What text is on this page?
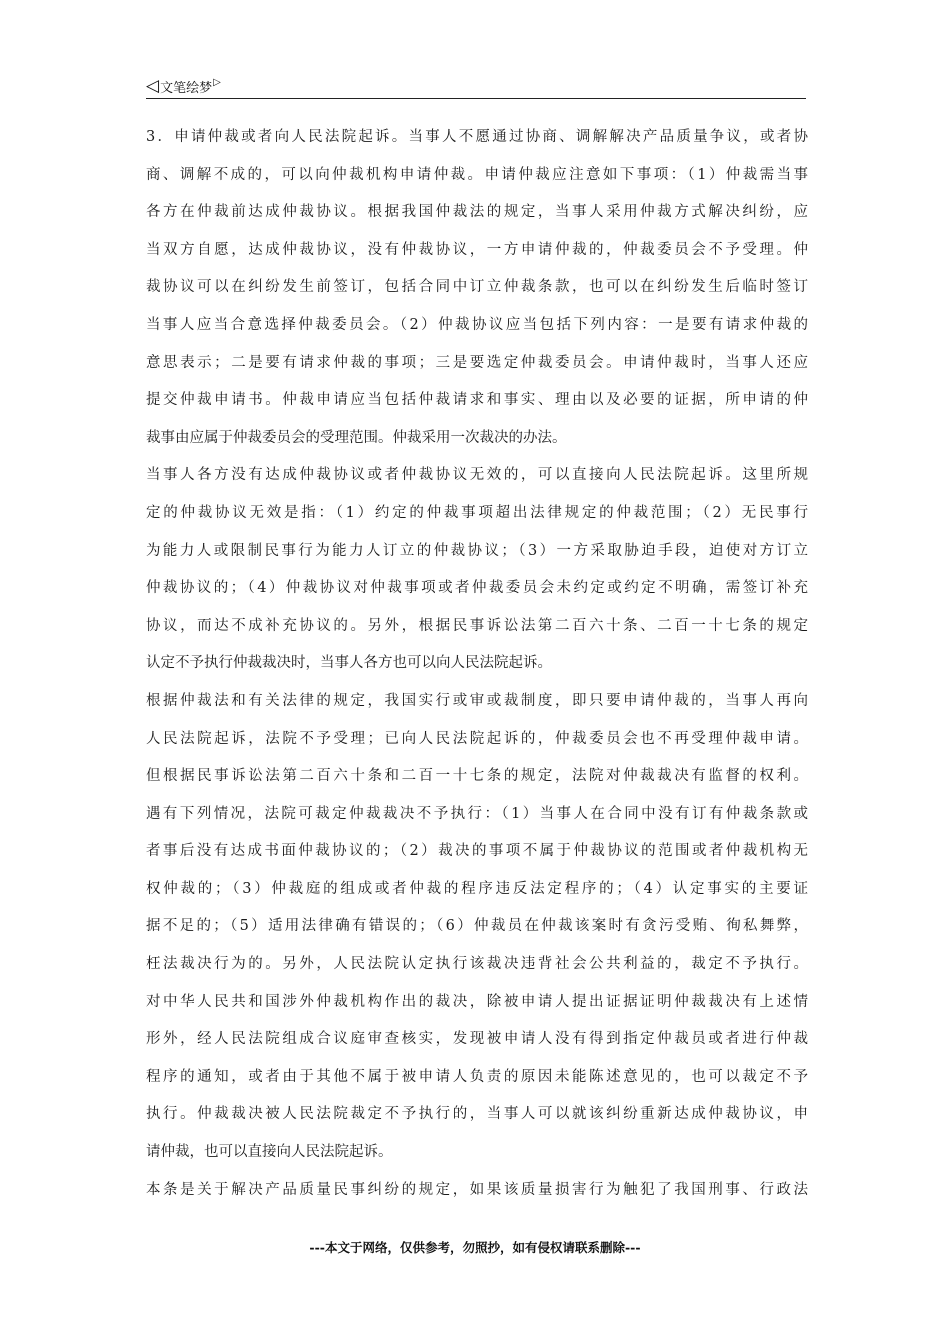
◁ 文笔绘梦 ▷
3．申请仲裁或者向人民法院起诉。当事人不愿通过协商、调解解决产品质量争议，或者协
商、调解不成的，可以向仲裁机构申请仲裁。申请仲裁应注意如下事项：（1）仲裁需当事
各方在仲裁前达成仲裁协议。根据我国仲裁法的规定，当事人采用仲裁方式解决纠纷，应
当双方自愿，达成仲裁协议，没有仲裁协议，一方申请仲裁的，仲裁委员会不予受理。仲
裁协议可以在纠纷发生前签订，包括合同中订立仲裁条款，也可以在纠纷发生后临时签订
当事人应当合意选择仲裁委员会。（2）仲裁协议应当包括下列内容：一是要有请求仲裁的
意思表示；二是要有请求仲裁的事项；三是要选定仲裁委员会。申请仲裁时，当事人还应
提交仲裁申请书。仲裁申请应当包括仲裁请求和事实、理由以及必要的证据，所申请的仲
裁事由应属于仲裁委员会的受理范围。仲裁采用一次裁决的办法。
当事人各方没有达成仲裁协议或者仲裁协议无效的，可以直接向人民法院起诉。这里所规
定的仲裁协议无效是指：（1）约定的仲裁事项超出法律规定的仲裁范围；（2）无民事行
为能力人或限制民事行为能力人订立的仲裁协议；（3）一方采取胁迫手段，迫使对方订立
仲裁协议的；（4）仲裁协议对仲裁事项或者仲裁委员会未约定或约定不明确，需签订补充
协议，而达不成补充协议的。另外，根据民事诉讼法第二百六十条、二百一十七条的规定
认定不予执行仲裁裁决时，当事人各方也可以向人民法院起诉。
根据仲裁法和有关法律的规定，我国实行或审或裁制度，即只要申请仲裁的，当事人再向
人民法院起诉，法院不予受理；已向人民法院起诉的，仲裁委员会也不再受理仲裁申请。
但根据民事诉讼法第二百六十条和二百一十七条的规定，法院对仲裁裁决有监督的权利。
遇有下列情况，法院可裁定仲裁裁决不予执行：（1）当事人在合同中没有订有仲裁条款或
者事后没有达成书面仲裁协议的；（2）裁决的事项不属于仲裁协议的范围或者仲裁机构无
权仲裁的；（3）仲裁庭的组成或者仲裁的程序违反法定程序的；（4）认定事实的主要证
据不足的；（5）适用法律确有错误的；（6）仲裁员在仲裁该案时有贪污受贿、徇私舞弊，
枉法裁决行为的。另外，人民法院认定执行该裁决违背社会公共利益的，裁定不予执行。
对中华人民共和国涉外仲裁机构作出的裁决，除被申请人提出证据证明仲裁裁决有上述情
形外，经人民法院组成合议庭审查核实，发现被申请人没有得到指定仲裁员或者进行仲裁
程序的通知，或者由于其他不属于被申请人负责的原因未能陈述意见的，也可以裁定不予
执行。仲裁裁决被人民法院裁定不予执行的，当事人可以就该纠纷重新达成仲裁协议，申
请仲裁，也可以直接向人民法院起诉。
本条是关于解决产品质量民事纠纷的规定，如果该质量损害行为触犯了我国刑事、行政法
---本文于网络，仅供参考，勿照抄，如有侵权请联系删除---
